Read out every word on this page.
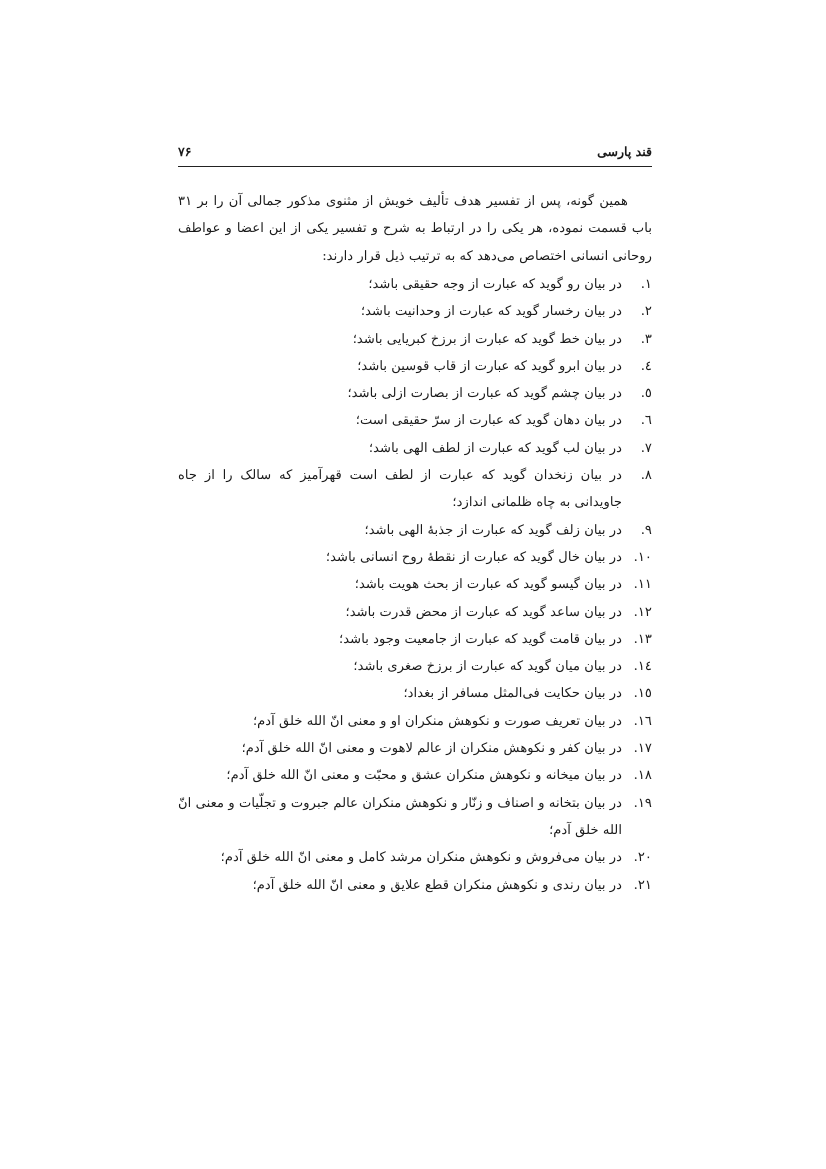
قند پارسی
۷۶

همین گونه، پس از تفسیر هدف تألیف خویش از مثنوی مذکور جمالی آن را بر ۳۱ باب قسمت نموده، هر یکی را در ارتباط به شرح و تفسیر یکی از این اعضا و عواطف روحانی انسانی اختصاص می‌دهد که به ترتیب ذیل قرار دارند:

۱.
در بیان رو گوید که عبارت از وجه حقیقی باشد؛
۲.
در بیان رخسار گوید که عبارت از وحدانیت باشد؛
۳.
در بیان خط گوید که عبارت از برزخ کبریایی باشد؛
٤.
در بیان ابرو گوید که عبارت از قاب قوسین باشد؛
٥.
در بیان چشم گوید که عبارت از بصارت ازلی باشد؛
٦.
در بیان دهان گوید که عبارت از سرّ حقیقی است؛
۷.
در بیان لب گوید که عبارت از لطف الهی باشد؛
۸.
در بیان زنخدان گوید که عبارت از لطف است قهرآمیز که سالک را از جاه جاویدانی به چاه ظلمانی اندازد؛
۹.
در بیان زلف گوید که عبارت از جذبهٔ الهی باشد؛
۱۰.
در بیان خال گوید که عبارت از نقطهٔ روح انسانی باشد؛
۱۱.
در بیان گیسو گوید که عبارت از بحث هویت باشد؛
۱۲.
در بیان ساعد گوید که عبارت از محض قدرت باشد؛
۱۳.
در بیان قامت گوید که عبارت از جامعیت وجود باشد؛
۱٤.
در بیان میان گوید که عبارت از برزخ صغری باشد؛
۱٥.
در بیان حکایت فی‌المثل مسافر از بغداد؛
۱٦.
در بیان تعریف صورت و نکوهش منکران او و معنی انّ الله خلق آدم؛
۱۷.
در بیان کفر و نکوهش منکران از عالم لاهوت و معنی انّ الله خلق آدم؛
۱۸.
در بیان میخانه و نکوهش منکران عشق و محبّت و معنی انّ الله خلق آدم؛
۱۹.
در بیان بتخانه و اصناف و زنّار و نکوهش منکران عالم جبروت و تجلّیات و معنی انّ الله خلق آدم؛
۲۰.
در بیان می‌فروش و نکوهش منکران مرشد کامل و معنی انّ الله خلق آدم؛
۲۱.
در بیان رندی و نکوهش منکران قطع علایق و معنی انّ الله خلق آدم؛
